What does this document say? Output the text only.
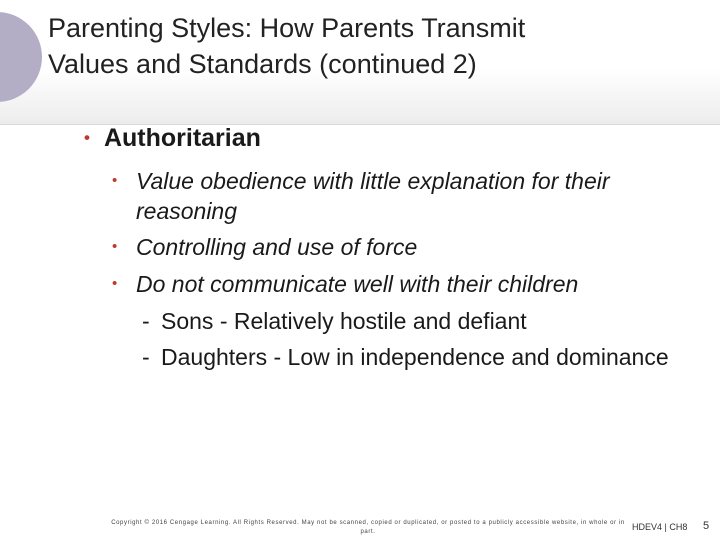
Parenting Styles: How Parents Transmit
Values and Standards (continued 2)
• Authoritarian
• Value obedience with little explanation for their reasoning
• Controlling and use of force
• Do not communicate well with their children
- Sons - Relatively hostile and defiant
- Daughters - Low in independence and dominance
Copyright © 2016 Cengage Learning. All Rights Reserved. May not be scanned, copied or duplicated, or posted to a publicly accessible website, in whole or in part.	HDEV4 | CH8 5
